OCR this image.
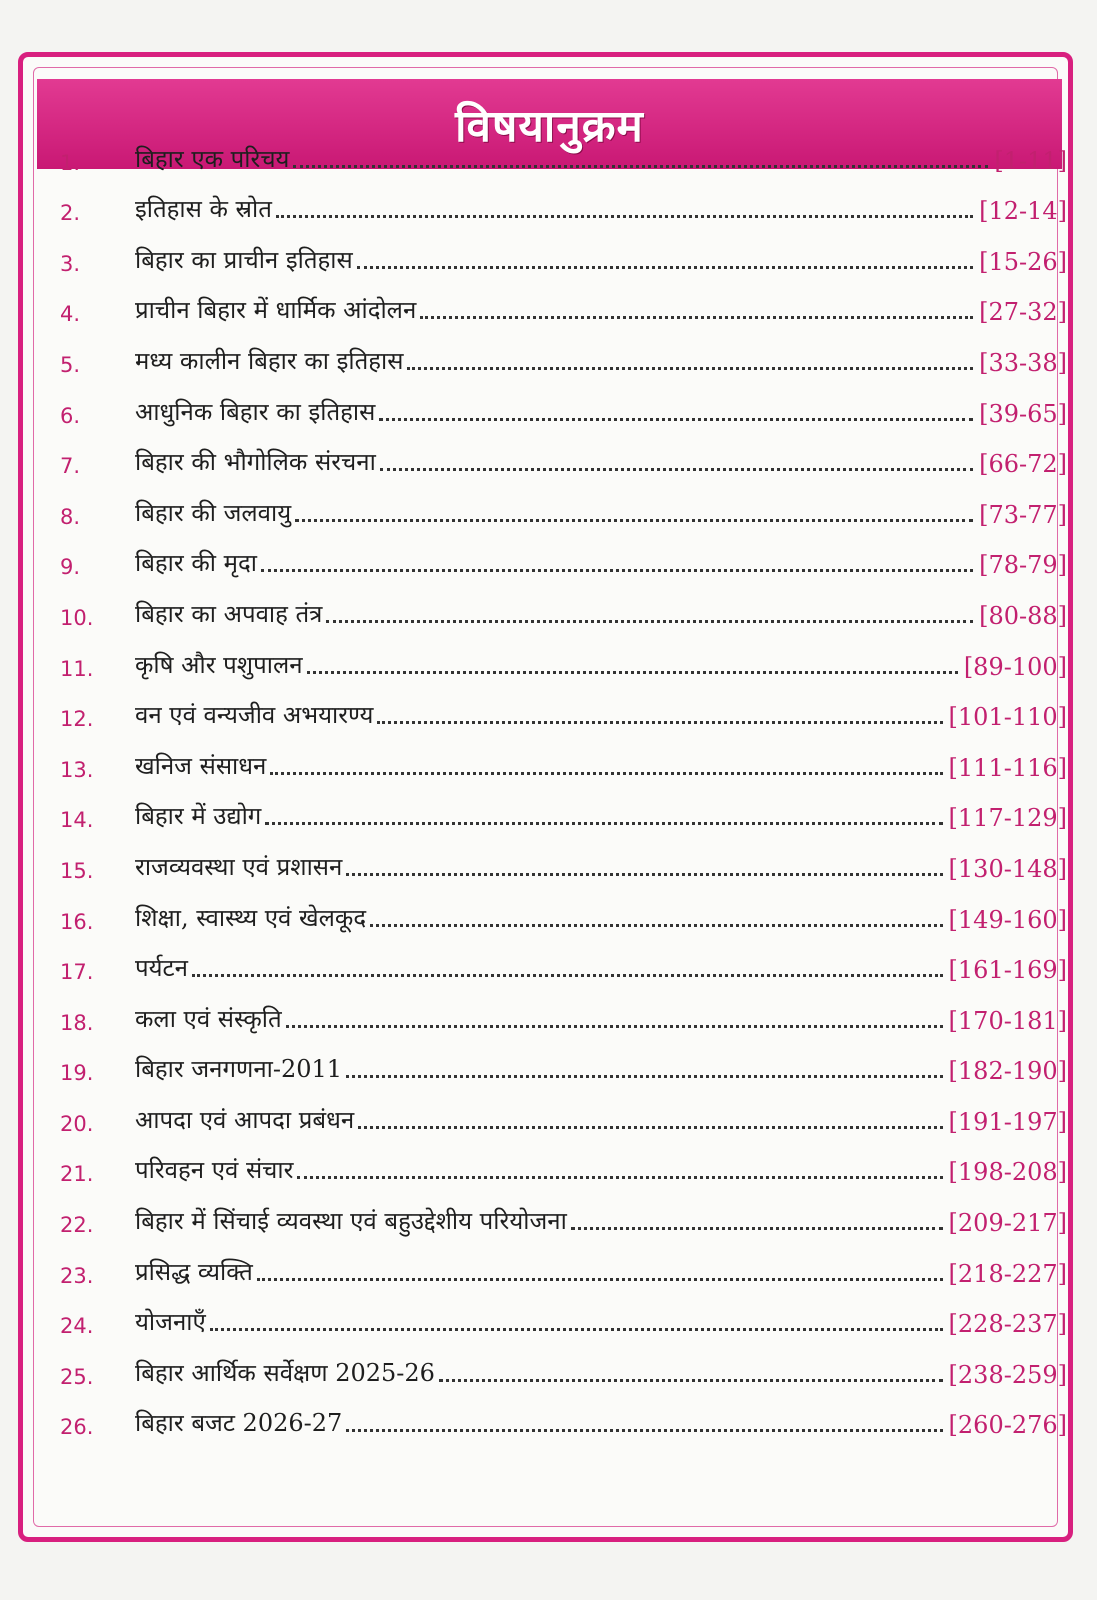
विषयानुक्रम
1.	बिहार एक परिचय	[1-11]
2.	इतिहास के स्रोत	[12-14]
3.	बिहार का प्राचीन इतिहास	[15-26]
4.	प्राचीन बिहार में धार्मिक आंदोलन	[27-32]
5.	मध्य कालीन बिहार का इतिहास	[33-38]
6.	आधुनिक बिहार का इतिहास	[39-65]
7.	बिहार की भौगोलिक संरचना	[66-72]
8.	बिहार की जलवायु	[73-77]
9.	बिहार की मृदा	[78-79]
10.	बिहार का अपवाह तंत्र	[80-88]
11.	कृषि और पशुपालन	[89-100]
12.	वन एवं वन्यजीव अभयारण्य	[101-110]
13.	खनिज संसाधन	[111-116]
14.	बिहार में उद्योग	[117-129]
15.	राजव्यवस्था एवं प्रशासन	[130-148]
16.	शिक्षा, स्वास्थ्य एवं खेलकूद	[149-160]
17.	पर्यटन	[161-169]
18.	कला एवं संस्कृति	[170-181]
19.	बिहार जनगणना-2011	[182-190]
20.	आपदा एवं आपदा प्रबंधन	[191-197]
21.	परिवहन एवं संचार	[198-208]
22.	बिहार में सिंचाई व्यवस्था एवं बहुउद्देशीय परियोजना	[209-217]
23.	प्रसिद्ध व्यक्ति	[218-227]
24.	योजनाएँ	[228-237]
25.	बिहार आर्थिक सर्वेक्षण 2025-26	[238-259]
26.	बिहार बजट 2026-27	[260-276]
